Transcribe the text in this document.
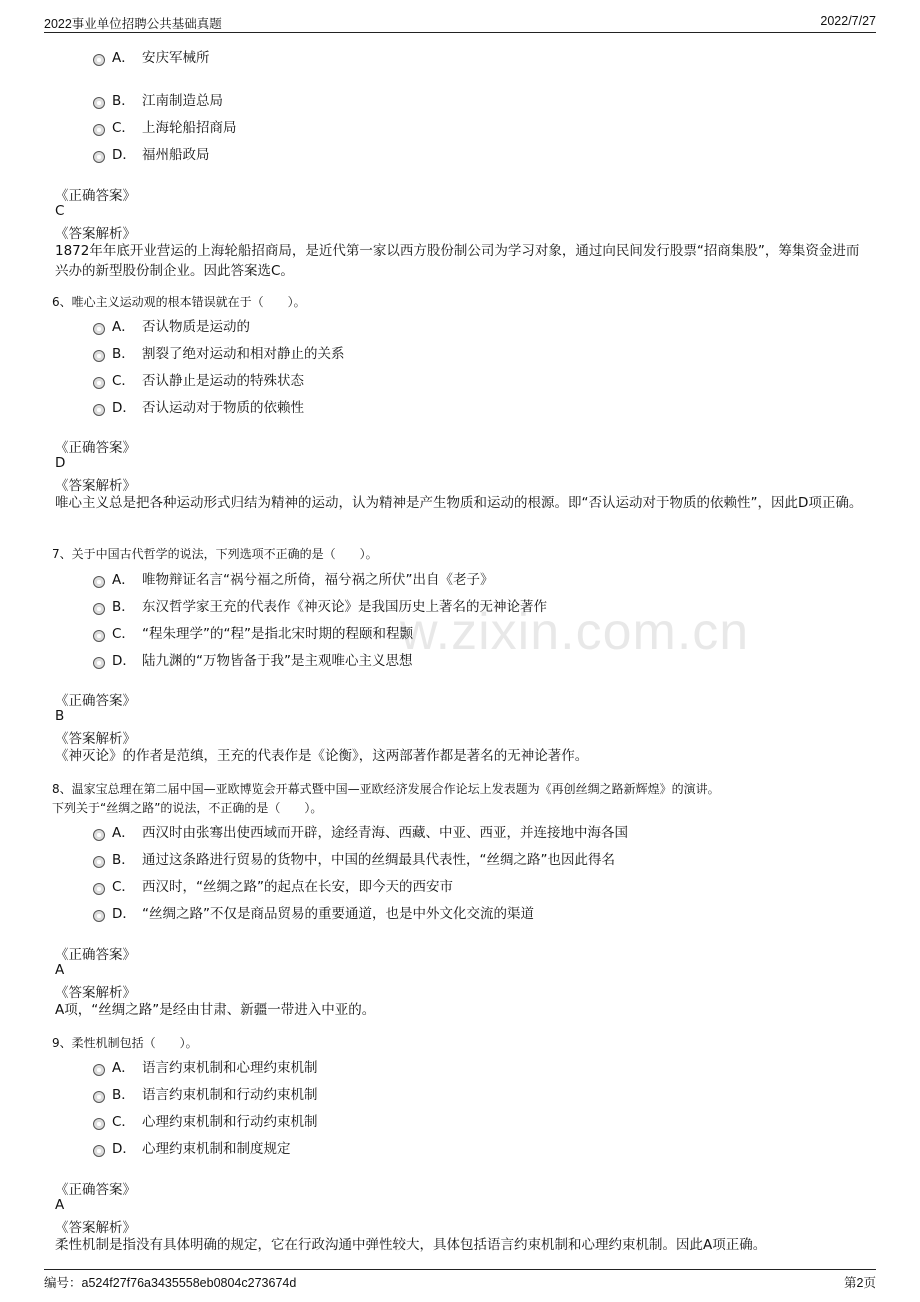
2022事业单位招聘公共基础真题	2022/7/27
w.zixin.com.cn
A． 安庆军械所
B． 江南制造总局
C． 上海轮船招商局
D． 福州船政局
《正确答案》
C
《答案解析》
1872年年底开业营运的上海轮船招商局，是近代第一家以西方股份制公司为学习对象，通过向民间发行股票“招商集股”，筹集资金进而兴办的新型股份制企业。因此答案选C。
6、唯心主义运动观的根本错误就在于（　　）。
A． 否认物质是运动的
B． 割裂了绝对运动和相对静止的关系
C． 否认静止是运动的特殊状态
D． 否认运动对于物质的依赖性
《正确答案》
D
《答案解析》
唯心主义总是把各种运动形式归结为精神的运动，认为精神是产生物质和运动的根源。即“否认运动对于物质的依赖性”，因此D项正确。
7、关于中国古代哲学的说法，下列选项不正确的是（　　）。
A． 唯物辩证名言“祸兮福之所倚，福兮祸之所伏”出自《老子》
B． 东汉哲学家王充的代表作《神灭论》是我国历史上著名的无神论著作
C． “程朱理学”的“程”是指北宋时期的程颐和程颢
D． 陆九渊的“万物皆备于我”是主观唯心主义思想
《正确答案》
B
《答案解析》
《神灭论》的作者是范缜，王充的代表作是《论衡》，这两部著作都是著名的无神论著作。
8、温家宝总理在第二届中国—亚欧博览会开幕式暨中国—亚欧经济发展合作论坛上发表题为《再创丝绸之路新辉煌》的演讲。
下列关于“丝绸之路”的说法，不正确的是（　　）。
A． 西汉时由张骞出使西域而开辟，途经青海、西藏、中亚、西亚，并连接地中海各国
B． 通过这条路进行贸易的货物中，中国的丝绸最具代表性，“丝绸之路”也因此得名
C． 西汉时，“丝绸之路”的起点在长安，即今天的西安市
D． “丝绸之路”不仅是商品贸易的重要通道，也是中外文化交流的渠道
《正确答案》
A
《答案解析》
A项，“丝绸之路”是经由甘肃、新疆一带进入中亚的。
9、柔性机制包括（　　）。
A． 语言约束机制和心理约束机制
B． 语言约束机制和行动约束机制
C． 心理约束机制和行动约束机制
D． 心理约束机制和制度规定
《正确答案》
A
《答案解析》
柔性机制是指没有具体明确的规定，它在行政沟通中弹性较大，具体包括语言约束机制和心理约束机制。因此A项正确。
编号：a524f27f76a3435558eb0804c273674d	第2页
